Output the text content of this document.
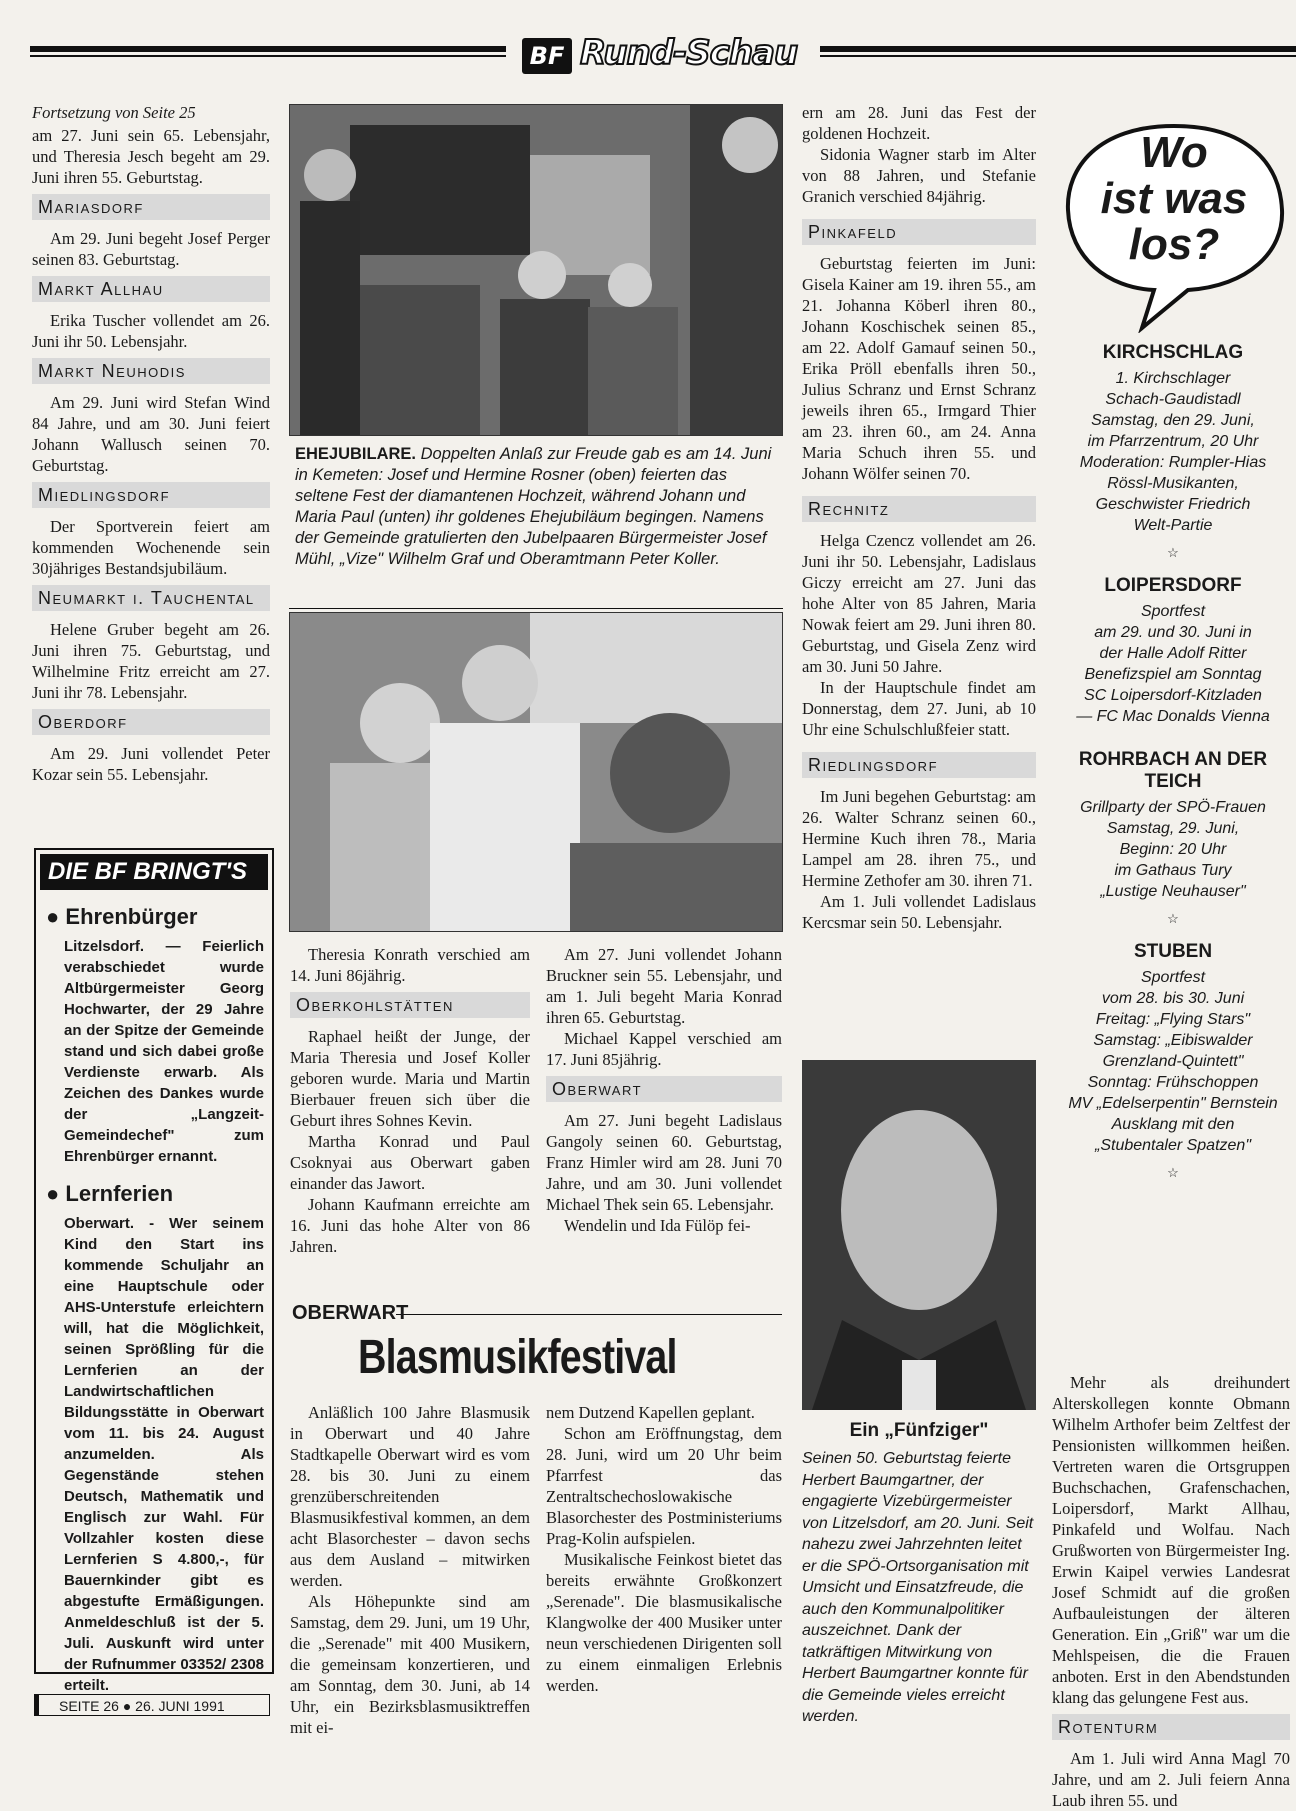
BF Rund-Schau
Fortsetzung von Seite 25

am 27. Juni sein 65. Lebensjahr, und Theresia Jesch begeht am 29. Juni ihren 55. Geburtstag.

Mariasdorf

Am 29. Juni begeht Josef Perger seinen 83. Geburtstag.

Markt Allhau

Erika Tuscher vollendet am 26. Juni ihr 50. Lebensjahr.

Markt Neuhodis

Am 29. Juni wird Stefan Wind 84 Jahre, und am 30. Juni feiert Johann Wallusch seinen 70. Geburtstag.

Miedlingsdorf

Der Sportverein feiert am kommenden Wochenende sein 30jähriges Bestandsjubiläum.

Neumarkt i. Tauchental

Helene Gruber begeht am 26. Juni ihren 75. Geburtstag, und Wilhelmine Fritz erreicht am 27. Juni ihr 78. Lebensjahr.

Oberdorf

Am 29. Juni vollendet Peter Kozar sein 55. Lebensjahr.

DIE BF BRINGT'S
● Ehrenbürger

Litzelsdorf. — Feierlich verabschiedet wurde Altbürgermeister Georg Hochwarter, der 29 Jahre an der Spitze der Gemeinde stand und sich dabei große Verdienste erwarb. Als Zeichen des Dankes wurde der „Langzeit-Gemeindechef" zum Ehrenbürger ernannt.

● Lernferien

Oberwart. - Wer seinem Kind den Start ins kommende Schuljahr an eine Hauptschule oder AHS-Unterstufe erleichtern will, hat die Möglichkeit, seinen Sprößling für die Lernferien an der Landwirtschaftlichen Bildungsstätte in Oberwart vom 11. bis 24. August anzumelden. Als Gegenstände stehen Deutsch, Mathematik und Englisch zur Wahl. Für Vollzahler kosten diese Lernferien S 4.800,-, für Bauernkinder gibt es abgestufte Ermäßigungen. Anmeldeschluß ist der 5. Juli. Auskunft wird unter der Rufnummer 03352/ 2308 erteilt.

SEITE 26 ● 26. JUNI 1991
EHEJUBILARE. Doppelten Anlaß zur Freude gab es am 14. Juni in Kemeten: Josef und Hermine Rosner (oben) feierten das seltene Fest der diamantenen Hochzeit, während Johann und Maria Paul (unten) ihr goldenes Ehejubiläum begingen. Namens der Gemeinde gratulierten den Jubelpaaren Bürgermeister Josef Mühl, „Vize" Wilhelm Graf und Oberamtmann Peter Koller.

Theresia Konrath verschied am 14. Juni 86jährig.

Oberkohlstätten

Raphael heißt der Junge, der Maria Theresia und Josef Koller geboren wurde. Maria und Martin Bierbauer freuen sich über die Geburt ihres Sohnes Kevin.

Martha Konrad und Paul Csoknyai aus Oberwart gaben einander das Jawort.

Johann Kaufmann erreichte am 16. Juni das hohe Alter von 86 Jahren.

Am 27. Juni vollendet Johann Bruckner sein 55. Lebensjahr, und am 1. Juli begeht Maria Konrad ihren 65. Geburtstag.

Michael Kappel verschied am 17. Juni 85jährig.

Oberwart

Am 27. Juni begeht Ladislaus Gangoly seinen 60. Geburtstag, Franz Himler wird am 28. Juni 70 Jahre, und am 30. Juni vollendet Michael Thek sein 65. Lebensjahr.

Wendelin und Ida Fülöp fei-

OBERWART
Blasmusikfestival

Anläßlich 100 Jahre Blasmusik in Oberwart und 40 Jahre Stadtkapelle Oberwart wird es vom 28. bis 30. Juni zu einem grenzüberschreitenden Blasmusikfestival kommen, an dem acht Blasorchester – davon sechs aus dem Ausland – mitwirken werden.

Als Höhepunkte sind am Samstag, dem 29. Juni, um 19 Uhr, die „Serenade" mit 400 Musikern, die gemeinsam konzertieren, und am Sonntag, dem 30. Juni, ab 14 Uhr, ein Bezirksblasmusiktreffen mit ei-

nem Dutzend Kapellen geplant.

Schon am Eröffnungstag, dem 28. Juni, wird um 20 Uhr beim Pfarrfest das Zentraltschechoslowakische Blasorchester des Postministeriums Prag-Kolin aufspielen.

Musikalische Feinkost bietet das bereits erwähnte Großkonzert „Serenade". Die blasmusikalische Klangwolke der 400 Musiker unter neun verschiedenen Dirigenten soll zu einem einmaligen Erlebnis werden.

ern am 28. Juni das Fest der goldenen Hochzeit.

Sidonia Wagner starb im Alter von 88 Jahren, und Stefanie Granich verschied 84jährig.

Pinkafeld

Geburtstag feierten im Juni: Gisela Kainer am 19. ihren 55., am 21. Johanna Köberl ihren 80., Johann Koschischek seinen 85., am 22. Adolf Gamauf seinen 50., Erika Pröll ebenfalls ihren 50., Julius Schranz und Ernst Schranz jeweils ihren 65., Irmgard Thier am 23. ihren 60., am 24. Anna Maria Schuch ihren 55. und Johann Wölfer seinen 70.

Rechnitz

Helga Czencz vollendet am 26. Juni ihr 50. Lebensjahr, Ladislaus Giczy erreicht am 27. Juni das hohe Alter von 85 Jahren, Maria Nowak feiert am 29. Juni ihren 80. Geburtstag, und Gisela Zenz wird am 30. Juni 50 Jahre.

In der Hauptschule findet am Donnerstag, dem 27. Juni, ab 10 Uhr eine Schulschlußfeier statt.

Riedlingsdorf

Im Juni begehen Geburtstag: am 26. Walter Schranz seinen 60., Hermine Kuch ihren 78., Maria Lampel am 28. ihren 75., und Hermine Zethofer am 30. ihren 71.

Am 1. Juli vollendet Ladislaus Kercsmar sein 50. Lebensjahr.

Ein „Fünfziger"
Seinen 50. Geburtstag feierte Herbert Baumgartner, der engagierte Vizebürgermeister von Litzelsdorf, am 20. Juni. Seit nahezu zwei Jahrzehnten leitet er die SPÖ-Ortsorganisation mit Umsicht und Einsatzfreude, die auch den Kommunalpolitiker auszeichnet. Dank der tatkräftigen Mitwirkung von Herbert Baumgartner konnte für die Gemeinde vieles erreicht werden.
Wo
ist was
los?
KIRCHSCHLAG
1. Kirchschlager
Schach-Gaudistadl
Samstag, den 29. Juni,
im Pfarrzentrum, 20 Uhr
Moderation: Rumpler-Hias
Rössl-Musikanten,
Geschwister Friedrich
Welt-Partie
☆
LOIPERSDORF
Sportfest
am 29. und 30. Juni in
der Halle Adolf Ritter
Benefizspiel am Sonntag
SC Loipersdorf-Kitzladen
— FC Mac Donalds Vienna
ROHRBACH AN DER TEICH
Grillparty der SPÖ-Frauen
Samstag, 29. Juni,
Beginn: 20 Uhr
im Gathaus Tury
„Lustige Neuhauser"
☆
STUBEN
Sportfest
vom 28. bis 30. Juni
Freitag: „Flying Stars"
Samstag: „Eibiswalder
Grenzland-Quintett"
Sonntag: Frühschoppen
MV „Edelserpentin" Bernstein
Ausklang mit den
„Stubentaler Spatzen"
☆

Mehr als dreihundert Alterskollegen konnte Obmann Wilhelm Arthofer beim Zeltfest der Pensionisten willkommen heißen. Vertreten waren die Ortsgruppen Buchschachen, Grafenschachen, Loipersdorf, Markt Allhau, Pinkafeld und Wolfau. Nach Grußworten von Bürgermeister Ing. Erwin Kaipel verwies Landesrat Josef Schmidt auf die großen Aufbauleistungen der älteren Generation. Ein „Griß" war um die Mehlspeisen, die die Frauen anboten. Erst in den Abendstunden klang das gelungene Fest aus.

Rotenturm

Am 1. Juli wird Anna Magl 70 Jahre, und am 2. Juli feiern Anna Laub ihren 55. und
